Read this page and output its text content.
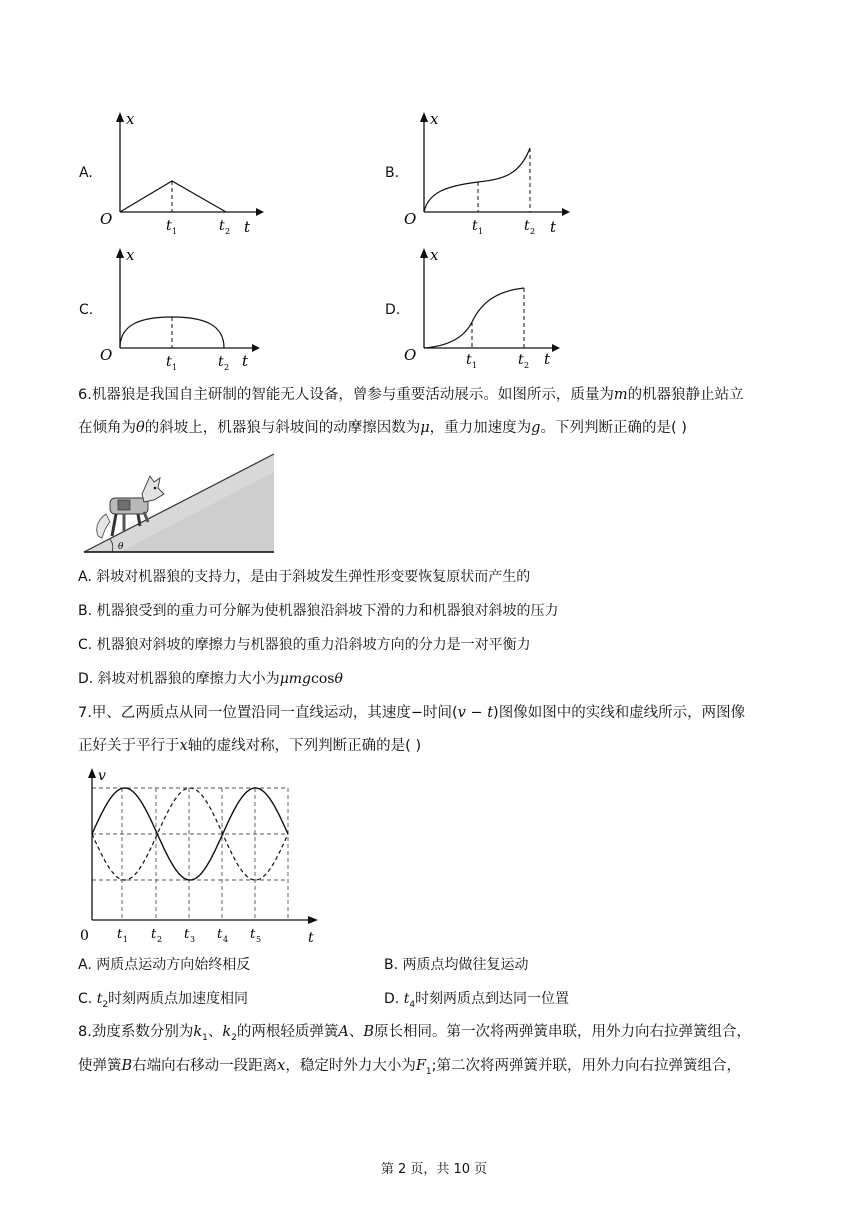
A.
x
O	t 1	t 2 t
B.
x
O	t 1	t 2 t
C.
x
O	t 1	t 2 t
D.
x
O	t 1	t 2 t
6.机器狼是我国自主研制的智能无人设备，曾参与重要活动展示。如图所示，质量为m的机器狼静止站立
在倾角为θ的斜坡上，机器狼与斜坡间的动摩擦因数为μ，重力加速度为g。下列判断正确的是( )
θ
A. 斜坡对机器狼的支持力，是由于斜坡发生弹性形变要恢复原状而产生的
B. 机器狼受到的重力可分解为使机器狼沿斜坡下滑的力和机器狼对斜坡的压力
C. 机器狼对斜坡的摩擦力与机器狼的重力沿斜坡方向的分力是一对平衡力
D. 斜坡对机器狼的摩擦力大小为μmgcosθ
7.甲、乙两质点从同一位置沿同一直线运动，其速度−时间(v − t)图像如图中的实线和虚线所示，两图像
正好关于平行于x轴的虚线对称，下列判断正确的是( )
v
0	t
t 1 t 2 t 3 t 4 t 5
A. 两质点运动方向始终相反	B. 两质点均做往复运动
C. $t_2$时刻两质点加速度相同	D. $t_4$时刻两质点到达同一位置
8.劲度系数分别为$k_1$、$k_2$的两根轻质弹簧A、B原长相同。第一次将两弹簧串联，用外力向右拉弹簧组合，
使弹簧B右端向右移动一段距离x，稳定时外力大小为$F_1$;第二次将两弹簧并联，用外力向右拉弹簧组合，
第 2 页，共 10 页
